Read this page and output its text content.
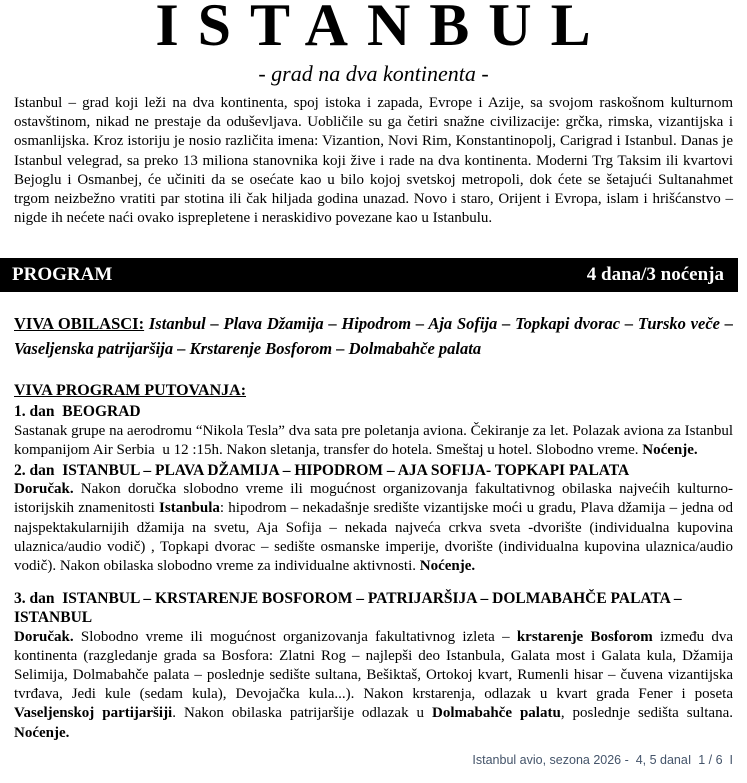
ISTANBUL
- grad na dva kontinenta -

Istanbul – grad koji leži na dva kontinenta, spoj istoka i zapada, Evrope i Azije, sa svojom raskošnom kulturnom ostavštinom, nikad ne prestaje da oduševljava. Uobličile su ga četiri snažne civilizacije: grčka, rimska, vizantijska i osmanlijska. Kroz istoriju je nosio različita imena: Vizantion, Novi Rim, Konstantinopolj, Carigrad i Istanbul. Danas je Istanbul velegrad, sa preko 13 miliona stanovnika koji žive i rade na dva kontinenta. Moderni Trg Taksim ili kvartovi Bejoglu i Osmanbej, će učiniti da se osećate kao u bilo kojoj svetskoj metropoli, dok ćete se šetajući Sultanahmet trgom neizbežno vratiti par stotina ili čak hiljada godina unazad. Novo i staro, Orijent i Evropa, islam i hrišćanstvo – nigde ih nećete naći ovako isprepletene i neraskidivo povezane kao u Istanbulu.

PROGRAM	4 dana/3 noćenja

VIVA OBILASCI: Istanbul – Plava Džamija – Hipodrom – Aja Sofija – Topkapi dvorac – Tursko veče – Vaseljenska patrijaršija – Krstarenje Bosforom – Dolmabahče palata

VIVA PROGRAM PUTOVANJA:

1. dan  BEOGRAD

Sastanak grupe na aerodromu “Nikola Tesla” dva sata pre poletanja aviona. Čekiranje za let. Polazak aviona za Istanbul kompanijom Air Serbia  u 12 :15h. Nakon sletanja, transfer do hotela. Smeštaj u hotel. Slobodno vreme. Noćenje.

2. dan  ISTANBUL – PLAVA DŽAMIJA – HIPODROM – AJA SOFIJA- TOPKAPI PALATA

Doručak. Nakon doručka slobodno vreme ili mogućnost organizovanja fakultativnog obilaska najvećih kulturno-istorijskih znamenitosti Istanbula: hipodrom – nekadašnje središte vizantijske moći u gradu, Plava džamija – jedna od najspektakularnijih džamija na svetu, Aja Sofija – nekada najveća crkva sveta -dvorište (individualna kupovina ulaznica/audio vodič) , Topkapi dvorac – sedište osmanske imperije, dvorište (individualna kupovina ulaznica/audio vodič). Nakon obilaska slobodno vreme za individualne aktivnosti. Noćenje.

3. dan  ISTANBUL – KRSTARENJE BOSFOROM – PATRIJARŠIJA – DOLMABAHČE PALATA – ISTANBUL

Doručak. Slobodno vreme ili mogućnost organizovanja fakultativnog izleta – krstarenje Bosforom između dva kontinenta (razgledanje grada sa Bosfora: Zlatni Rog – najlepši deo Istanbula, Galata most i Galata kula, Džamija Selimija, Dolmabahče palata – poslednje sedište sultana, Bešiktaš, Ortokoj kvart, Rumenli hisar – čuvena vizantijska tvrđava, Jedi kule (sedam kula), Devojačka kula...). Nakon krstarenja, odlazak u kvart grada Fener i poseta Vaseljenskoj partijaršiji. Nakon obilaska patrijaršije odlazak u Dolmabahče palatu, poslednje sedišta sultana. Noćenje.

Istanbul avio, sezona 2026 -  4, 5 danaI  1 / 6  I
